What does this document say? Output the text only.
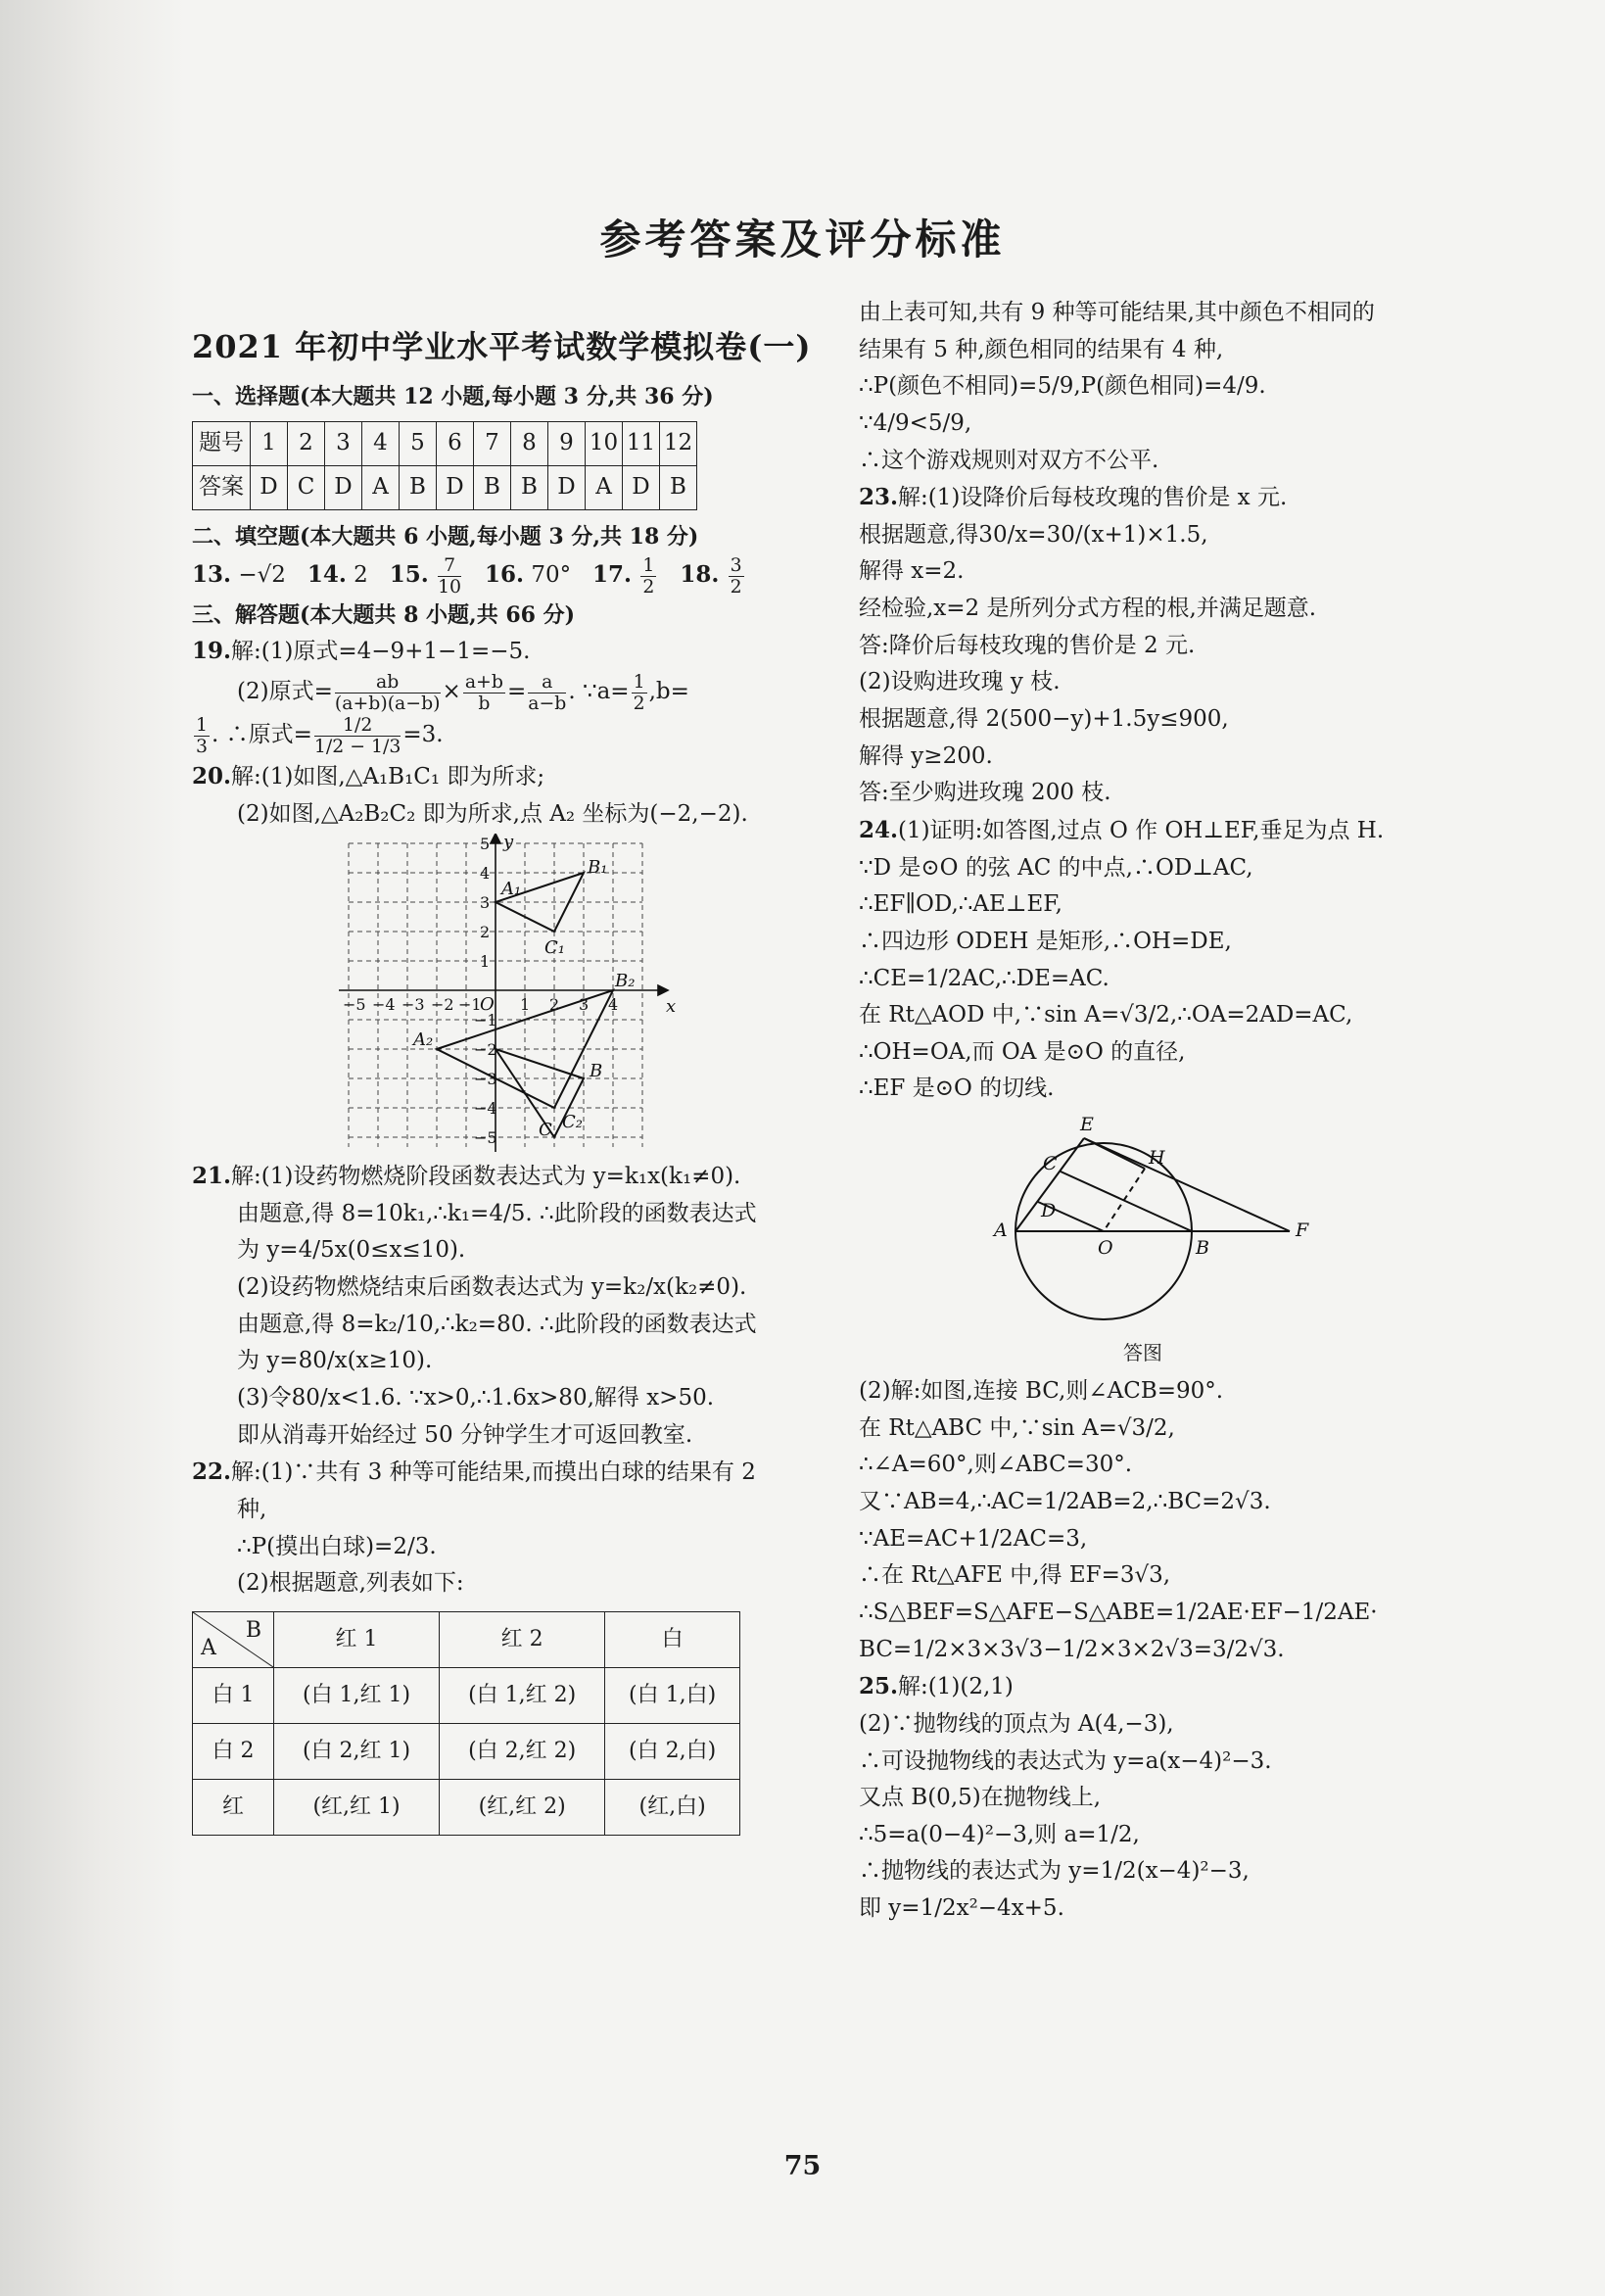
参考答案及评分标准
2021 年初中学业水平考试数学模拟卷(一)
一、选择题(本大题共 12 小题,每小题 3 分,共 36 分)
题号	1	2	3	4	5	6	7	8	9	10	11	12
答案	D	C	D	A	B	D	B	B	D	A	D	B
二、填空题(本大题共 6 小题,每小题 3 分,共 18 分)
13. −√2 14. 2 15. $\frac{7}{10} 16$. 70° 17. $\frac{1}{2} 18$. $\frac{3}{2}$
三、解答题(本大题共 8 小题,共 66 分)
19.解:(1)原式=4−9+1−1=−5.
(2)原式= $\frac{ab}{(a+b)(a-b)} \times \frac{a+b}{b} = \frac{a}{a-b}$ . ∵a= $\frac{1}{2} ,b=$
$\frac{1}{3}$ . ∴原式= $\frac{1/2}{1/2 - 1/3} =3$.
20.解:(1)如图,△A₁B₁C₁ 即为所求;
(2)如图,△A₂B₂C₂ 即为所求,点 A₂ 坐标为(−2,−2).
y
x
O
A₁
B₁
C₁
A₂
B₂
C₂
B
C
−5 −4 −3 −2 −1 1 2 3 4
5
4
3
2
1
−1
−2
−3
−4
−5
21.解:(1)设药物燃烧阶段函数表达式为 y=k₁x(k₁≠0).
由题意,得 8=10k₁,∴k₁=4/5. ∴此阶段的函数表达式
为 y=4/5x(0≤x≤10).
(2)设药物燃烧结束后函数表达式为 y=k₂/x(k₂≠0).
由题意,得 8=k₂/10,∴k₂=80. ∴此阶段的函数表达式
为 y=80/x(x≥10).
(3)令80/x<1.6. ∵x>0,∴1.6x>80,解得 x>50.
即从消毒开始经过 50 分钟学生才可返回教室.
22.解:(1)∵共有 3 种等可能结果,而摸出白球的结果有 2
种,
∴P(摸出白球)=2/3.
(2)根据题意,列表如下:
B
A	红 1	红 2	白
白 1	(白 1,红 1)	(白 1,红 2)	(白 1,白)
白 2	(白 2,红 1)	(白 2,红 2)	(白 2,白)
红	(红,红 1)	(红,红 2)	(红,白)
由上表可知,共有 9 种等可能结果,其中颜色不相同的
结果有 5 种,颜色相同的结果有 4 种,
∴P(颜色不相同)=5/9,P(颜色相同)=4/9.
∵4/9<5/9,
∴这个游戏规则对双方不公平.
23.解:(1)设降价后每枝玫瑰的售价是 x 元.
根据题意,得30/x=30/(x+1)×1.5,
解得 x=2.
经检验,x=2 是所列分式方程的根,并满足题意.
答:降价后每枝玫瑰的售价是 2 元.
(2)设购进玫瑰 y 枝.
根据题意,得 2(500−y)+1.5y≤900,
解得 y≥200.
答:至少购进玫瑰 200 枝.
24.(1)证明:如答图,过点 O 作 OH⊥EF,垂足为点 H.
∵D 是⊙O 的弦 AC 的中点,∴OD⊥AC,
∴EF∥OD,∴AE⊥EF,
∴四边形 ODEH 是矩形,∴OH=DE,
∴CE=1/2AC,∴DE=AC.
在 Rt△AOD 中,∵sin A=√3/2,∴OA=2AD=AC,
∴OH=OA,而 OA 是⊙O 的直径,
∴EF 是⊙O 的切线.
E
H
C
D
A
O	B
F
答图
(2)解:如图,连接 BC,则∠ACB=90°.
在 Rt△ABC 中,∵sin A=√3/2,
∴∠A=60°,则∠ABC=30°.
又∵AB=4,∴AC=1/2AB=2,∴BC=2√3.
∵AE=AC+1/2AC=3,
∴在 Rt△AFE 中,得 EF=3√3,
∴S△BEF=S△AFE−S△ABE=1/2AE·EF−1/2AE·
BC=1/2×3×3√3−1/2×3×2√3=3/2√3.
25.解:(1)(2,1)
(2)∵抛物线的顶点为 A(4,−3),
∴可设抛物线的表达式为 y=a(x−4)²−3.
又点 B(0,5)在抛物线上,
∴5=a(0−4)²−3,则 a=1/2,
∴抛物线的表达式为 y=1/2(x−4)²−3,
即 y=1/2x²−4x+5.
75
